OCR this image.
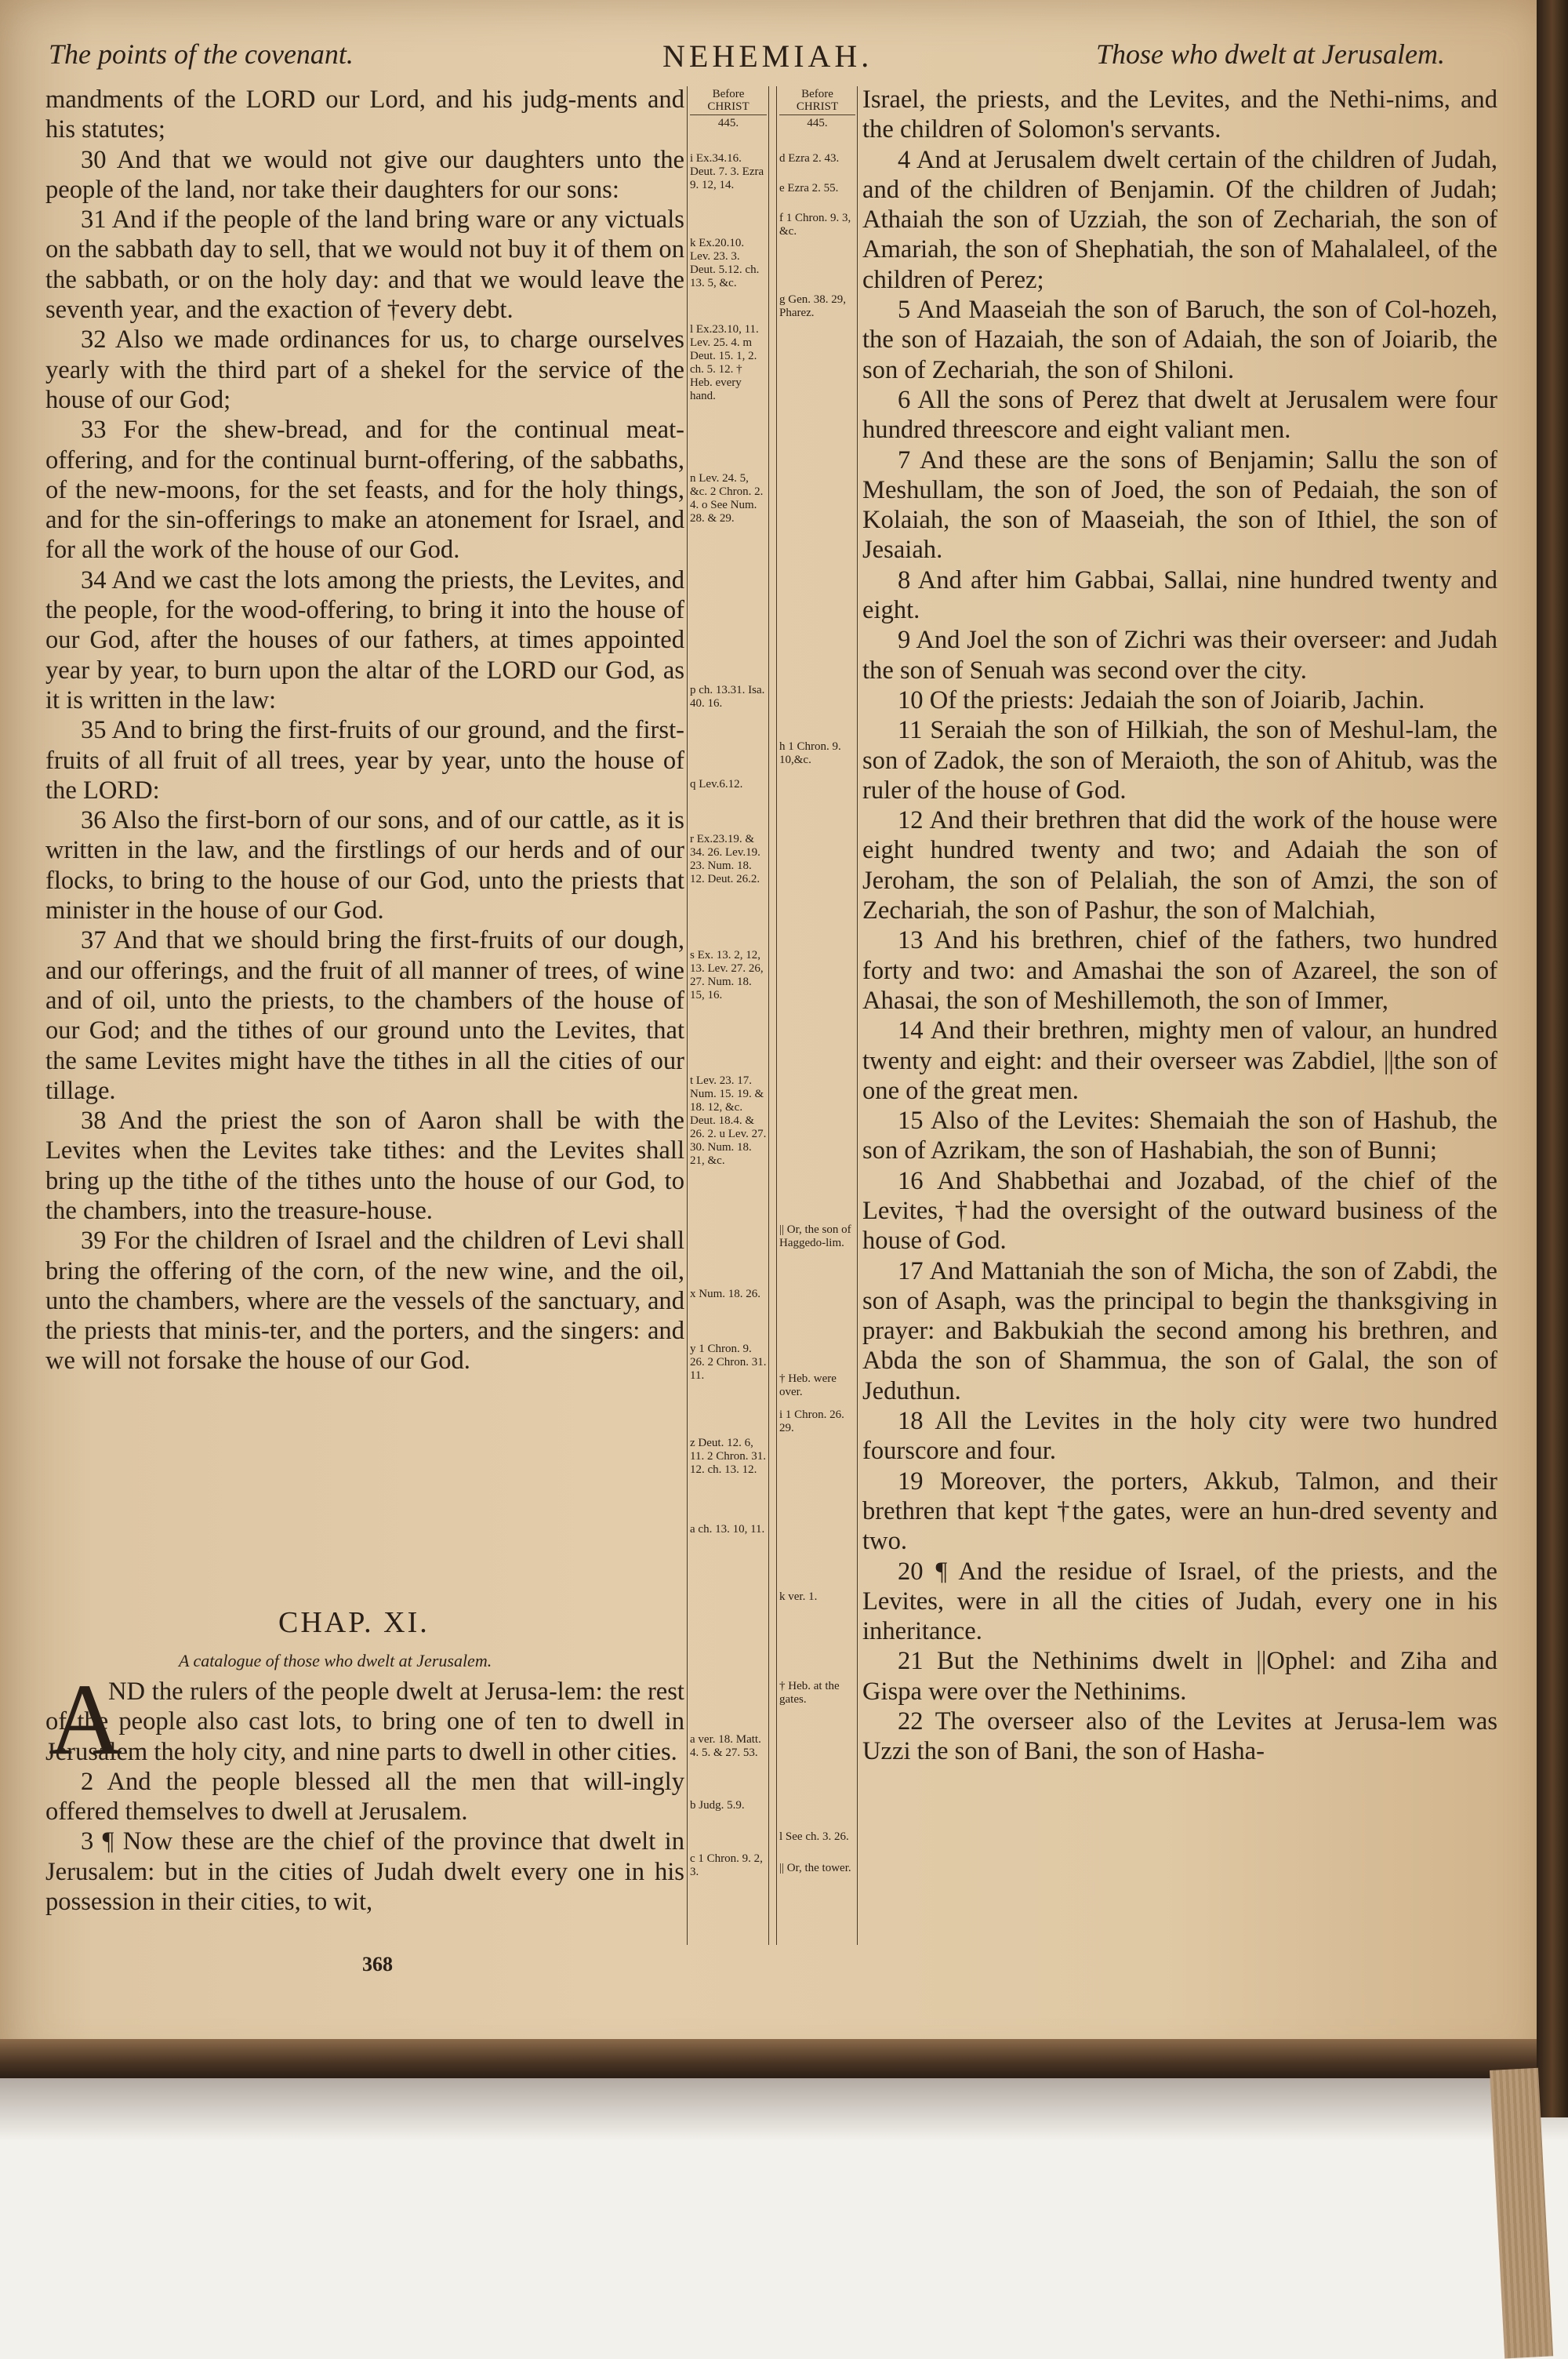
The points of the covenant.	NEHEMIAH.	Those who dwelt at Jerusalem.

mandments of the LORD our Lord, and his judg-ments and his statutes;

30 And that we would not give our daughters unto the people of the land, nor take their daughters for our sons:

31 And if the people of the land bring ware or any victuals on the sabbath day to sell, that we would not buy it of them on the sabbath, or on the holy day: and that we would leave the seventh year, and the exaction of †every debt.

32 Also we made ordinances for us, to charge ourselves yearly with the third part of a shekel for the service of the house of our God;

33 For the shew-bread, and for the continual meat-offering, and for the continual burnt-offering, of the sabbaths, of the new-moons, for the set feasts, and for the holy things, and for the sin-offerings to make an atonement for Israel, and for all the work of the house of our God.

34 And we cast the lots among the priests, the Levites, and the people, for the wood-offering, to bring it into the house of our God, after the houses of our fathers, at times appointed year by year, to burn upon the altar of the LORD our God, as it is written in the law:

35 And to bring the first-fruits of our ground, and the first-fruits of all fruit of all trees, year by year, unto the house of the LORD:

36 Also the first-born of our sons, and of our cattle, as it is written in the law, and the firstlings of our herds and of our flocks, to bring to the house of our God, unto the priests that minister in the house of our God.

37 And that we should bring the first-fruits of our dough, and our offerings, and the fruit of all manner of trees, of wine and of oil, unto the priests, to the chambers of the house of our God; and the tithes of our ground unto the Levites, that the same Levites might have the tithes in all the cities of our tillage.

38 And the priest the son of Aaron shall be with the Levites when the Levites take tithes: and the Levites shall bring up the tithe of the tithes unto the house of our God, to the chambers, into the treasure-house.

39 For the children of Israel and the children of Levi shall bring the offering of the corn, of the new wine, and the oil, unto the chambers, where are the vessels of the sanctuary, and the priests that minis-ter, and the porters, and the singers: and we will not forsake the house of our God.

CHAP. XI.
A catalogue of those who dwelt at Jerusalem.
A

ND the rulers of the people dwelt at Jerusa-lem: the rest of the people also cast lots, to bring one of ten to dwell in Jerusalem the holy city, and nine parts to dwell in other cities.

2 And the people blessed all the men that will-ingly offered themselves to dwell at Jerusalem.

3 ¶ Now these are the chief of the province that dwelt in Jerusalem: but in the cities of Judah dwelt every one in his possession in their cities, to wit,

368
Before
CHRIST
445.
i Ex.34.16. Deut. 7. 3. Ezra 9. 12, 14.
k Ex.20.10. Lev. 23. 3. Deut. 5.12. ch. 13. 5, &c.
l Ex.23.10, 11. Lev. 25. 4. m Deut. 15. 1, 2. ch. 5. 12. † Heb. every hand.
n Lev. 24. 5, &c. 2 Chron. 2. 4. o See Num. 28. & 29.
p ch. 13.31. Isa. 40. 16.
q Lev.6.12.
r Ex.23.19. & 34. 26. Lev.19. 23. Num. 18. 12. Deut. 26.2.
s Ex. 13. 2, 12, 13. Lev. 27. 26, 27. Num. 18. 15, 16.
t Lev. 23. 17. Num. 15. 19. & 18. 12, &c. Deut. 18.4. & 26. 2. u Lev. 27. 30. Num. 18. 21, &c.
x Num. 18. 26.
y 1 Chron. 9. 26. 2 Chron. 31. 11.
z Deut. 12. 6, 11. 2 Chron. 31. 12. ch. 13. 12.
a ch. 13. 10, 11.
a ver. 18. Matt. 4. 5. & 27. 53.
b Judg. 5.9.
c 1 Chron. 9. 2, 3.
Before
CHRIST
445.
d Ezra 2. 43.
e Ezra 2. 55.
f 1 Chron. 9. 3, &c.
g Gen. 38. 29, Pharez.
h 1 Chron. 9. 10,&c.
|| Or, the son of Haggedo-lim.
† Heb. were over.
i 1 Chron. 26. 29.
k ver. 1.
† Heb. at the gates.
l See ch. 3. 26.
|| Or, the tower.

Israel, the priests, and the Levites, and the Nethi-nims, and the children of Solomon's servants.

4 And at Jerusalem dwelt certain of the children of Judah, and of the children of Benjamin. Of the children of Judah; Athaiah the son of Uzziah, the son of Zechariah, the son of Amariah, the son of Shephatiah, the son of Mahalaleel, of the children of Perez;

5 And Maaseiah the son of Baruch, the son of Col-hozeh, the son of Hazaiah, the son of Adaiah, the son of Joiarib, the son of Zechariah, the son of Shiloni.

6 All the sons of Perez that dwelt at Jerusalem were four hundred threescore and eight valiant men.

7 And these are the sons of Benjamin; Sallu the son of Meshullam, the son of Joed, the son of Pedaiah, the son of Kolaiah, the son of Maaseiah, the son of Ithiel, the son of Jesaiah.

8 And after him Gabbai, Sallai, nine hundred twenty and eight.

9 And Joel the son of Zichri was their overseer: and Judah the son of Senuah was second over the city.

10 Of the priests: Jedaiah the son of Joiarib, Jachin.

11 Seraiah the son of Hilkiah, the son of Meshul-lam, the son of Zadok, the son of Meraioth, the son of Ahitub, was the ruler of the house of God.

12 And their brethren that did the work of the house were eight hundred twenty and two; and Adaiah the son of Jeroham, the son of Pelaliah, the son of Amzi, the son of Zechariah, the son of Pashur, the son of Malchiah,

13 And his brethren, chief of the fathers, two hundred forty and two: and Amashai the son of Azareel, the son of Ahasai, the son of Meshillemoth, the son of Immer,

14 And their brethren, mighty men of valour, an hundred twenty and eight: and their overseer was Zabdiel, ||the son of one of the great men.

15 Also of the Levites: Shemaiah the son of Hashub, the son of Azrikam, the son of Hashabiah, the son of Bunni;

16 And Shabbethai and Jozabad, of the chief of the Levites, †had the oversight of the outward business of the house of God.

17 And Mattaniah the son of Micha, the son of Zabdi, the son of Asaph, was the principal to begin the thanksgiving in prayer: and Bakbukiah the second among his brethren, and Abda the son of Shammua, the son of Galal, the son of Jeduthun.

18 All the Levites in the holy city were two hundred fourscore and four.

19 Moreover, the porters, Akkub, Talmon, and their brethren that kept †the gates, were an hun-dred seventy and two.

20 ¶ And the residue of Israel, of the priests, and the Levites, were in all the cities of Judah, every one in his inheritance.

21 But the Nethinims dwelt in ||Ophel: and Ziha and Gispa were over the Nethinims.

22 The overseer also of the Levites at Jerusa-lem was Uzzi the son of Bani, the son of Hasha-
